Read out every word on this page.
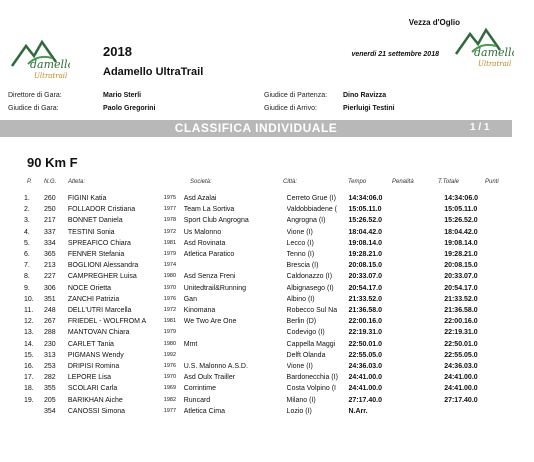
damello
Ultratrail
damello
Ultratrail
2018
Adamello UltraTrail
Vezza d'Oglio
venerdi 21 settembre 2018
Direttore di Gara:	Mario Sterli
Giudice di Gara:	Paolo Gregorini
Giudice di Partenza: Dino Ravizza
Giudice di Arrivo:	Pierluigi Testini
CLASSIFICA INDIVIDUALE	1 / 1
90 Km F
P. N.G. Atleta:	Società:	Città:	Tempo	Penalità	T.Totale	Punti
1.	260	FIGINI Katia	1975	Asd Azalai	Cerreto Grue (I)	14:34:06.0	14:34:06.0
2.	250	FOLLADOR Cristiana	1977	Team La Sortiva	Valdobbiadene (	15:05.11.0	15:05.11.0
3.	217	BONNET Daniela	1978	Sport Club Angrogna	Angrogna (I)	15:26.52.0	15:26.52.0
4.	337	TESTINI Sonia	1972	Us Malonno	Vione (I)	18:04.42.0	18:04.42.0
5.	334	SPREAFICO Chiara	1981	Asd Rovinata	Lecco (I)	19:08.14.0	19:08.14.0
6.	365	FENNER Stefania	1979	Atletica Paratico	Tenno (I)	19:28.21.0	19:28.21.0
7.	213	BOGLIONI Alessandra	1974		Brescia (I)	20:08.15.0	20:08.15.0
8.	227	CAMPREGHER Luisa	1980	Asd Senza Freni	Caldonazzo (I)	20:33.07.0	20:33.07.0
9.	306	NOCE Orietta	1970	Unitedtrail&Running	Albignasego (I)	20:54.17.0	20:54.17.0
10.	351	ZANCHI Patrizia	1976	Gan	Albino (I)	21:33.52.0	21:33.52.0
11.	248	DELL'UTRI Marcella	1972	Kinomana	Robecco Sul Na	21:36.58.0	21:36.58.0
12.	267	FRIEDEL - WOLFROM A	1981	We Two Are One	Berlin (D)	22:00.16.0	22:00.16.0
13.	288	MANTOVAN Chiara	1979		Codevigo (I)	22:19.31.0	22:19.31.0
14.	230	CARLET Tania	1980	Mmt	Cappella Maggi	22:50.01.0	22:50.01.0
15.	313	PIGMANS Wendy	1992		Delft Olanda	22:55.05.0	22:55.05.0
16.	253	DRIPISI Romina	1976	U.S. Malonno A.S.D.	Vione (I)	24:36.03.0	24:36.03.0
17.	282	LEPORE Lisa	1970	Asd Oulx Trailler	Bardonecchia (I)	24:41.00.0	24:41.00.0
18.	355	SCOLARI Carla	1969	Corrintime	Costa Volpino (I	24:41.00.0	24:41.00.0
19.	205	BARIKHAN Aiche	1982	Runcard	Milano (I)	27:17.40.0	27:17.40.0
	354	CANOSSI Simona	1977	Atletica Cima	Lozio (I)	N.Arr.	
